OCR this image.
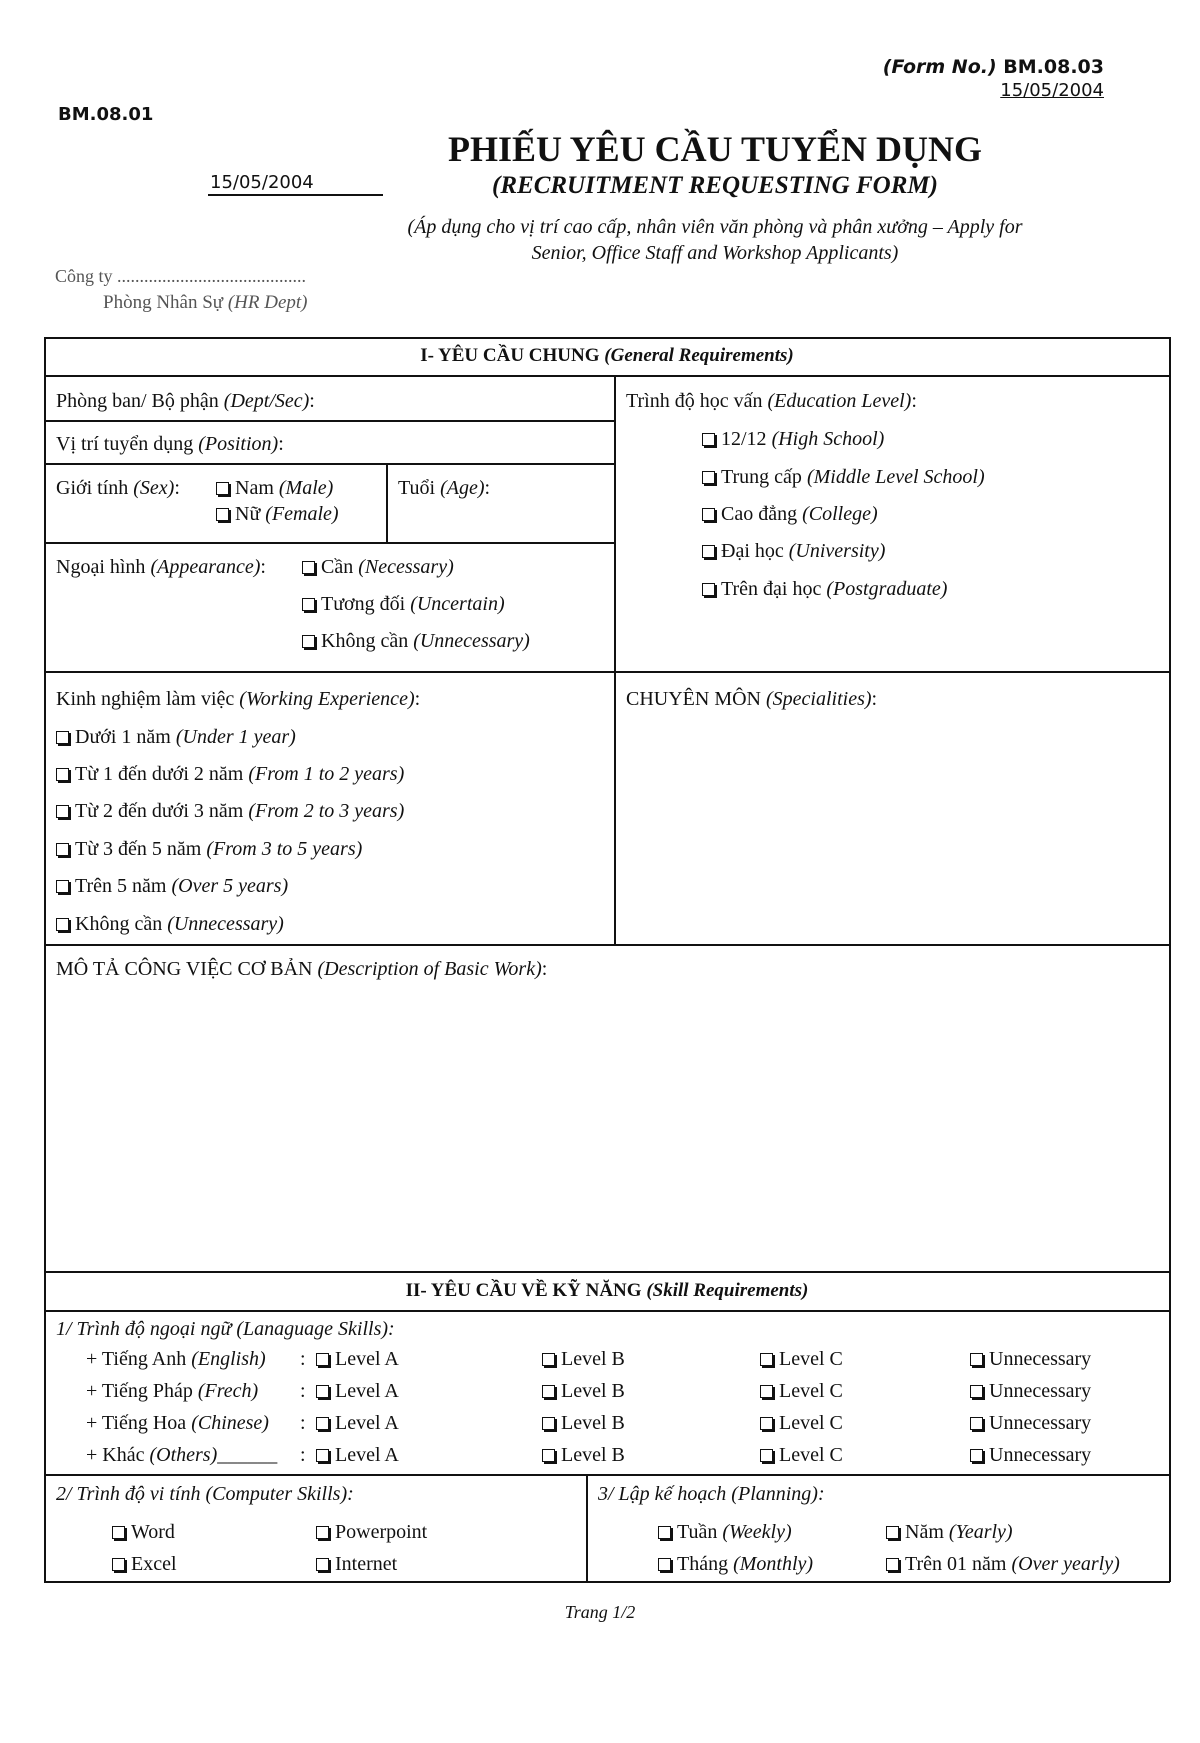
(Form No.) BM.08.03
15/05/2004
BM.08.01
15/05/2004
PHIẾU YÊU CẦU TUYỂN DỤNG
(RECRUITMENT REQUESTING FORM)
(Áp dụng cho vị trí cao cấp, nhân viên văn phòng và phân xưởng – Apply for
Senior, Office Staff and Workshop Applicants)
Công ty ..........................................
Phòng Nhân Sự (HR Dept)
I- YÊU CẦU CHUNG (General Requirements)
Phòng ban/ Bộ phận (Dept/Sec):
Vị trí tuyển dụng (Position):
Giới tính (Sex):	Nam (Male)
Nữ (Female)
Tuổi (Age):
Ngoại hình (Appearance):	Cần (Necessary)
Tương đối (Uncertain)
Không cần (Unnecessary)
Trình độ học vấn (Education Level):
12/12 (High School)
Trung cấp (Middle Level School)
Cao đẳng (College)
Đại học (University)
Trên đại học (Postgraduate)
Kinh nghiệm làm việc (Working Experience):
Dưới 1 năm (Under 1 year)
Từ 1 đến dưới 2 năm (From 1 to 2 years)
Từ 2 đến dưới 3 năm (From 2 to 3 years)
Từ 3 đến 5 năm (From 3 to 5 years)
Trên 5 năm (Over 5 years)
Không cần (Unnecessary)
CHUYÊN MÔN (Specialities):
MÔ TẢ CÔNG VIỆC CƠ BẢN (Description of Basic Work):
II- YÊU CẦU VỀ KỸ NĂNG (Skill Requirements)
1/ Trình độ ngoại ngữ (Lanaguage Skills):
+ Tiếng Anh (English) :	Level A	Level B	Level C	Unnecessary
+ Tiếng Pháp (Frech) :	Level A	Level B	Level C	Unnecessary
+ Tiếng Hoa (Chinese) :	Level A	Level B	Level C	Unnecessary
+ Khác (Others)______ :	Level A	Level B	Level C	Unnecessary
2/ Trình độ vi tính (Computer Skills):
Word	Powerpoint
Excel	Internet
3/ Lập kế hoạch (Planning):
Tuần (Weekly)	Năm (Yearly)
Tháng (Monthly)	Trên 01 năm (Over yearly)
Trang 1/2
